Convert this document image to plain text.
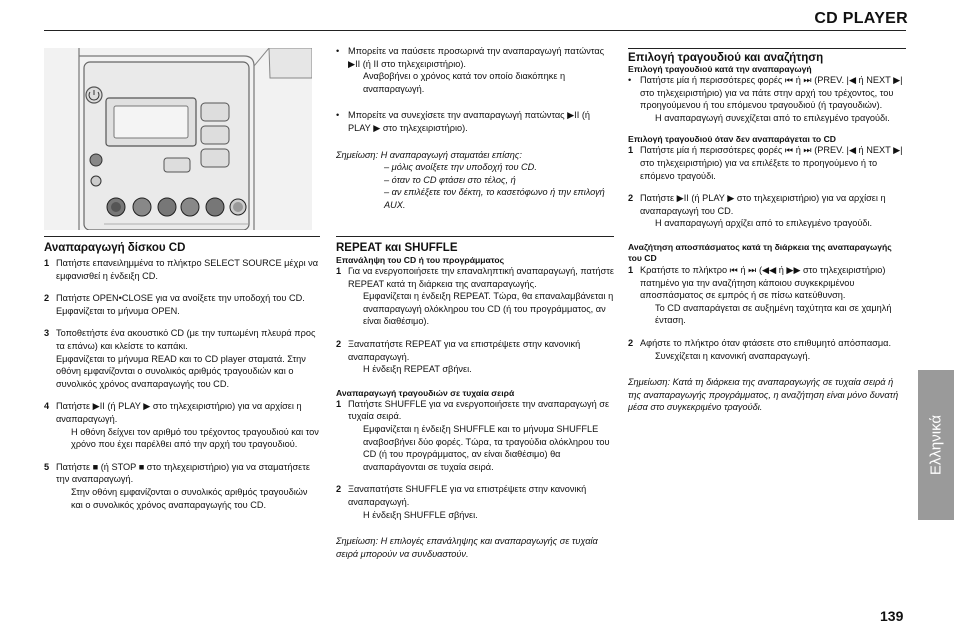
CD PLAYER
Ελληνικά
139
Αναπαραγωγή δίσκου CD
1 Πατήστε επανειλημμένα το πλήκτρο SELECT SOURCE μέχρι να εμφανισθεί η ένδειξη CD.
2 Πατήστε OPEN•CLOSE για να ανοίξετε την υποδοχή του CD.
Εμφανίζεται το μήνυμα OPEN.
3 Τοποθετήστε ένα ακουστικό CD (με την τυπωμένη πλευρά προς τα επάνω) και κλείστε το καπάκι.
Εμφανίζεται το μήνυμα READ και το CD player σταματά. Στην οθόνη εμφανίζονται ο συνολικός αριθμός τραγουδιών και ο συνολικός χρόνος αναπαραγωγής του CD.
4 Πατήστε ▶II (ή PLAY ▶ στο τηλεχειριστήριο) για να αρχίσει η αναπαραγωγή.
Η οθόνη δείχνει τον αριθμό του τρέχοντος τραγουδιού και τον χρόνο που έχει παρέλθει από την αρχή του τραγουδιού.
5 Πατήστε ■ (ή STOP ■ στο τηλεχειριστήριο) για να σταματήσετε την αναπαραγωγή.
Στην οθόνη εμφανίζονται ο συνολικός αριθμός τραγουδιών και ο συνολικός χρόνος αναπαραγωγής του CD.
• Μπορείτε να παύσετε προσωρινά την αναπαραγωγή πατώντας ▶II (ή II στο τηλεχειριστήριο).
Αναβοβήνει ο χρόνος κατά τον οποίο διακόπηκε η αναπαραγωγή.
• Μπορείτε να συνεχίσετε την αναπαραγωγή πατώντας ▶II (ή PLAY ▶ στο τηλεχειριστήριο).
Σημείωση: Η αναπαραγωγή σταματάει επίσης:
– μόλις ανοίξετε την υποδοχή του CD.
– όταν το CD φτάσει στο τέλος, ή
– αν επιλέξετε τον δέκτη, το κασετόφωνο ή την επιλογή AUX.
REPEAT και SHUFFLE
Επανάληψη του CD ή του προγράμματος
1 Για να ενεργοποιήσετε την επαναληπτική αναπαραγωγή, πατήστε REPEAT κατά τη διάρκεια της αναπαραγωγής.
Εμφανίζεται η ένδειξη REPEAT. Τώρα, θα επαναλαμβάνεται η αναπαραγωγή ολόκληρου του CD (ή του προγράμματος, αν είναι διαθέσιμο).
2 Ξαναπατήστε REPEAT για να επιστρέψετε στην κανονική αναπαραγωγή.
Η ένδειξη REPEAT σβήνει.
Αναπαραγωγή τραγουδιών σε τυχαία σειρά
1 Πατήστε SHUFFLE για να ενεργοποιήσετε την αναπαραγωγή σε τυχαία σειρά.
Εμφανίζεται η ένδειξη SHUFFLE και το μήνυμα SHUFFLE αναβοσβήνει δύο φορές. Τώρα, τα τραγούδια ολόκληρου του CD (ή του προγράμματος, αν είναι διαθέσιμο) θα αναπαράγονται σε τυχαία σειρά.
2 Ξαναπατήστε SHUFFLE για να επιστρέψετε στην κανονική αναπαραγωγή.
Η ένδειξη SHUFFLE σβήνει.
Σημείωση: Η επιλογές επανάληψης και αναπαραγωγής σε τυχαία σειρά μπορούν να συνδυαστούν.
Επιλογή τραγουδιού και αναζήτηση
Επιλογή τραγουδιού κατά την αναπαραγωγή
• Πατήστε μία ή περισσότερες φορές ⏮ ή ⏭ (PREV. |◀ ή NEXT ▶| στο τηλεχειριστήριο) για να πάτε στην αρχή του τρέχοντος, του προηγούμενου ή του επόμενου τραγουδιού (ή τραγουδιών).
Η αναπαραγωγή συνεχίζεται από το επιλεγμένο τραγούδι.
Επιλογή τραγουδιού όταν δεν αναπαράγεται το CD
1 Πατήστε μία ή περισσότερες φορές ⏮ ή ⏭ (PREV. |◀ ή NEXT ▶| στο τηλεχειριστήριο) για να επιλέξετε το προηγούμενο ή το επόμενο τραγούδι.
2 Πατήστε ▶II (ή PLAY ▶ στο τηλεχειριστήριο) για να αρχίσει η αναπαραγωγή του CD.
Η αναπαραγωγή αρχίζει από το επιλεγμένο τραγούδι.
Αναζήτηση αποσπάσματος κατά τη διάρκεια της αναπαραγωγής του CD
1 Κρατήστε το πλήκτρο ⏮ ή ⏭ (◀◀ ή ▶▶ στο τηλεχειριστήριο) πατημένο για την αναζήτηση κάποιου συγκεκριμένου αποσπάσματος σε εμπρός ή σε πίσω κατεύθυνση.
Το CD αναπαράγεται σε αυξημένη ταχύτητα και σε χαμηλή ένταση.
2 Αφήστε το πλήκτρο όταν φτάσετε στο επιθυμητό απόσπασμα.
Συνεχίζεται η κανονική αναπαραγωγή.
Σημείωση: Κατά τη διάρκεια της αναπαραγωγής σε τυχαία σειρά ή της αναπαραγωγής προγράμματος, η αναζήτηση είναι μόνο δυνατή μέσα στο συγκεκριμένο τραγούδι.
